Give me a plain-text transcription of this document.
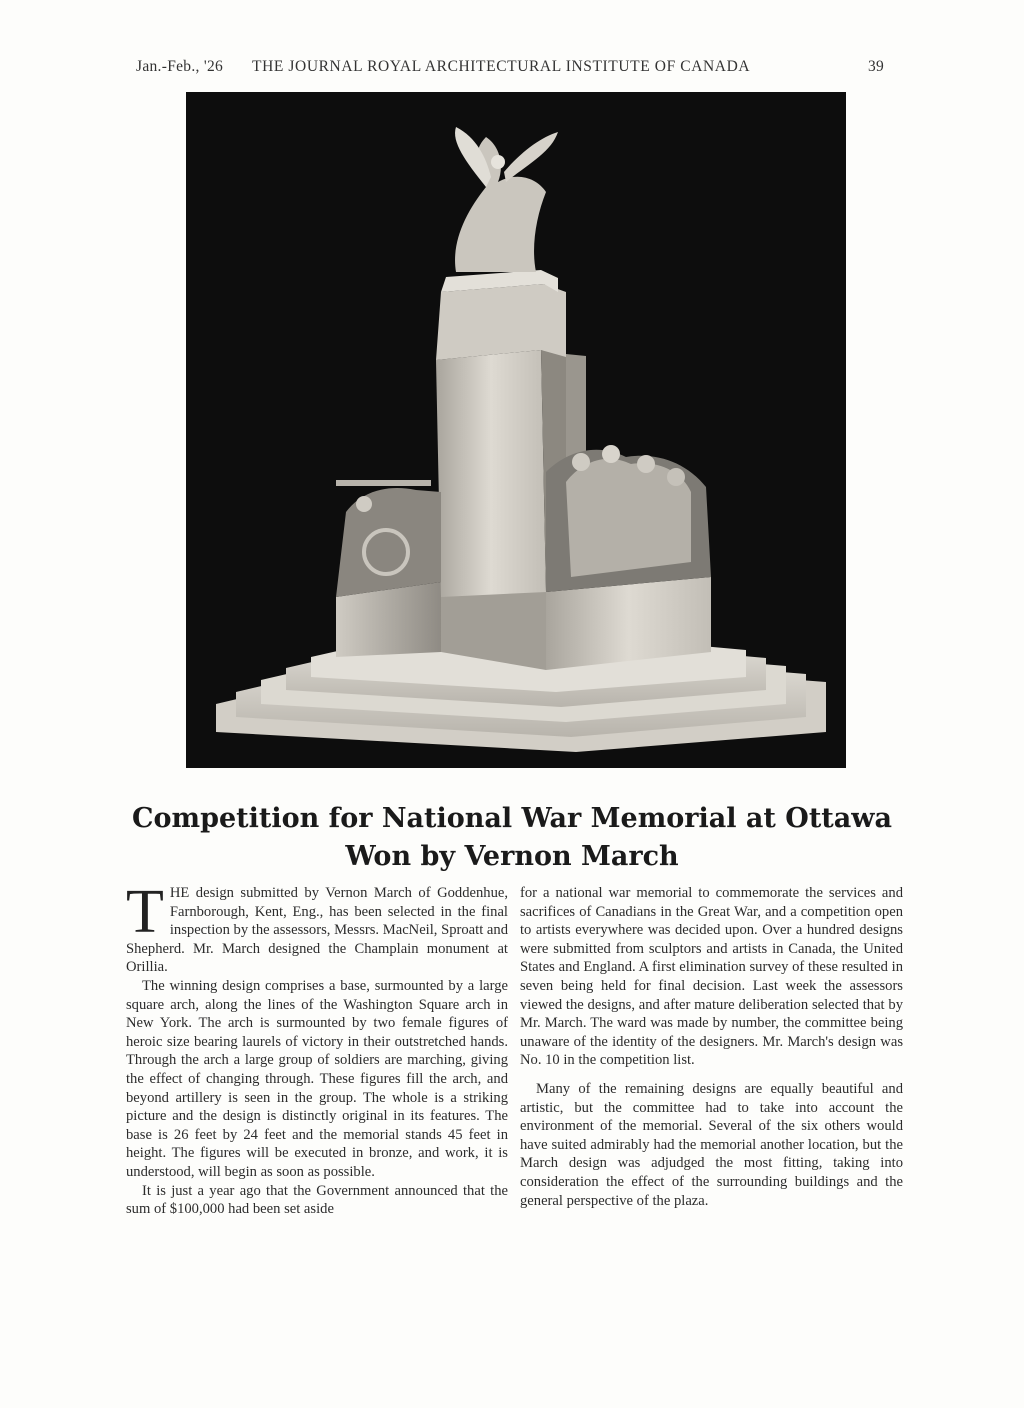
Jan.-Feb., '26 THE JOURNAL ROYAL ARCHITECTURAL INSTITUTE OF CANADA	39
Competition for National War Memorial at Ottawa
Won by Vernon March

THE design submitted by Vernon March of Goddenhue, Farnborough, Kent, Eng., has been selected in the final inspection by the assessors, Messrs. MacNeil, Sproatt and Shepherd. Mr. March designed the Champlain monument at Orillia.

The winning design comprises a base, surmounted by a large square arch, along the lines of the Washington Square arch in New York. The arch is surmounted by two female figures of heroic size bearing laurels of victory in their outstretched hands. Through the arch a large group of soldiers are marching, giving the effect of changing through. These figures fill the arch, and beyond artillery is seen in the group. The whole is a striking picture and the design is distinctly original in its features. The base is 26 feet by 24 feet and the memorial stands 45 feet in height. The figures will be executed in bronze, and work, it is understood, will begin as soon as possible.

It is just a year ago that the Government announced that the sum of $100,000 had been set aside

for a national war memorial to commemorate the services and sacrifices of Canadians in the Great War, and a competition open to artists everywhere was decided upon. Over a hundred designs were submitted from sculptors and artists in Canada, the United States and England. A first elimination survey of these resulted in seven being held for final decision. Last week the assessors viewed the designs, and after mature deliberation selected that by Mr. March. The ward was made by number, the committee being unaware of the identity of the designers. Mr. March's design was No. 10 in the competition list.

Many of the remaining designs are equally beautiful and artistic, but the committee had to take into account the environment of the memorial. Several of the six others would have suited admirably had the memorial another location, but the March design was adjudged the most fitting, taking into consideration the effect of the surrounding buildings and the general perspective of the plaza.
